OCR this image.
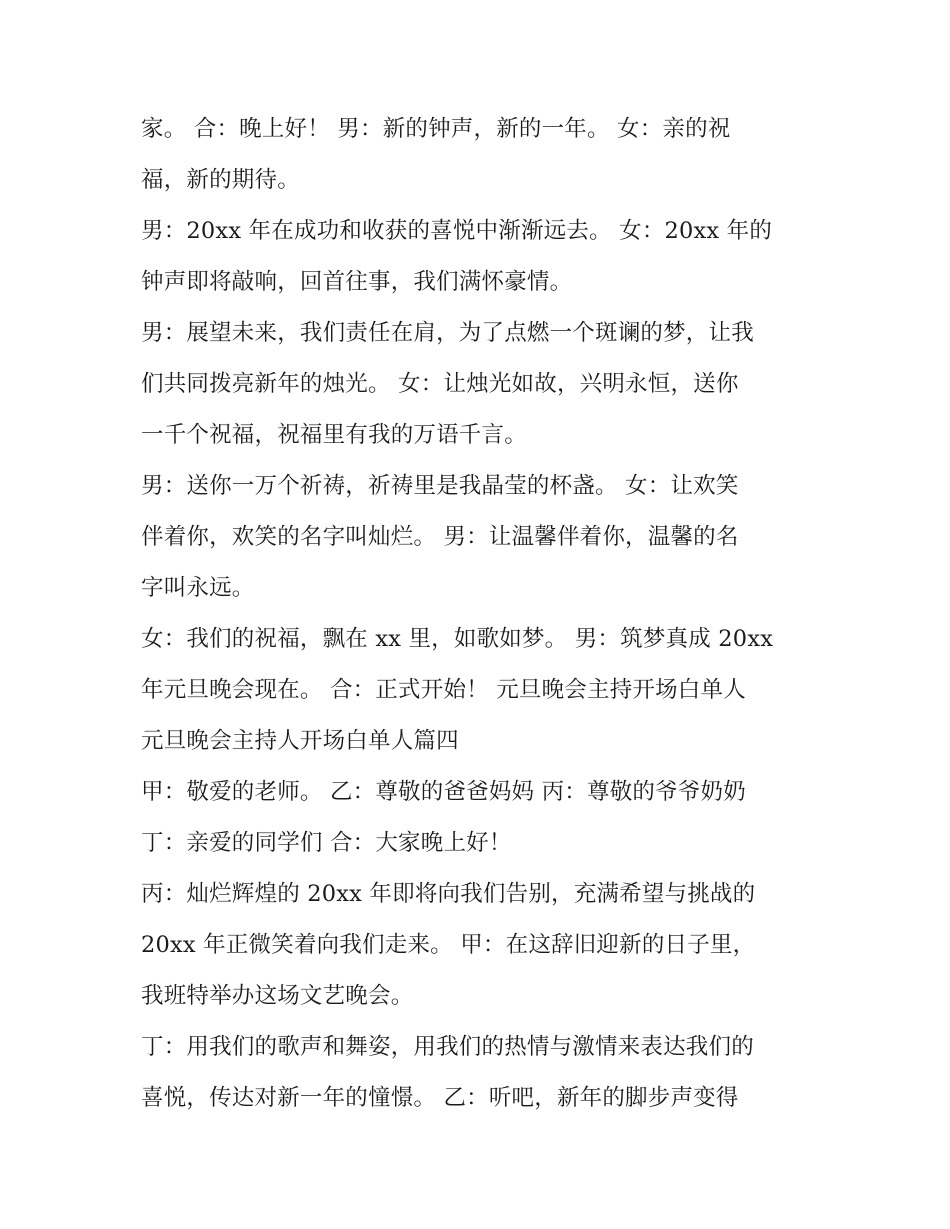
家。 合：晚上好！ 男：新的钟声，新的一年。 女：亲的祝
福，新的期待。
男：20xx 年在成功和收获的喜悦中渐渐远去。 女：20xx 年的
钟声即将敲响，回首往事，我们满怀豪情。
男：展望未来，我们责任在肩，为了点燃一个斑谰的梦，让我
们共同拨亮新年的烛光。 女：让烛光如故，兴明永恒，送你
一千个祝福，祝福里有我的万语千言。
男：送你一万个祈祷，祈祷里是我晶莹的杯盏。 女：让欢笑
伴着你，欢笑的名字叫灿烂。 男：让温馨伴着你，温馨的名
字叫永远。
女：我们的祝福，飘在 xx 里，如歌如梦。 男：筑梦真成 20xx
年元旦晚会现在。 合：正式开始！ 元旦晚会主持开场白单人
元旦晚会主持人开场白单人篇四
甲：敬爱的老师。 乙：尊敬的爸爸妈妈 丙：尊敬的爷爷奶奶
丁：亲爱的同学们 合：大家晚上好！
丙：灿烂辉煌的 20xx 年即将向我们告别，充满希望与挑战的
20xx 年正微笑着向我们走来。 甲：在这辞旧迎新的日子里，
我班特举办这场文艺晚会。
丁：用我们的歌声和舞姿，用我们的热情与激情来表达我们的
喜悦，传达对新一年的憧憬。 乙：听吧，新年的脚步声变得
